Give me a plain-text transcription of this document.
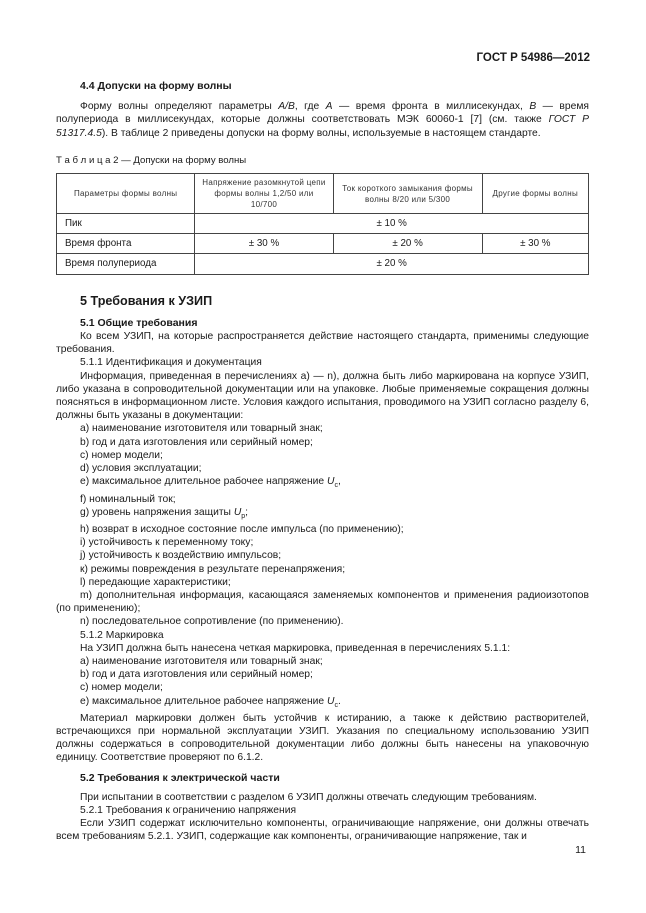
ГОСТ Р 54986—2012
4.4 Допуски на форму волны

Форму волны определяют параметры A/B, где A — время фронта в миллисекундах, B — время полупериода в миллисекундах, которые должны соответствовать МЭК 60060-1 [7] (см. также ГОСТ Р 51317.4.5). В таблице 2 приведены допуски на форму волны, используемые в настоящем стандарте.

Т а б л и ц а 2 — Допуски на форму волны
Параметры формы волны	Напряжение разомкнутой цепи формы волны 1,2/50 или 10/700	Ток короткого замыкания формы волны 8/20 или 5/300	Другие формы волны
Пик	± 10 %		
Время фронта	± 30 %	± 20 %	± 30 %
Время полупериода	± 20 %		
5 Требования к УЗИП
5.1 Общие требования

Ко всем УЗИП, на которые распространяется действие настоящего стандарта, применимы следующие требования.

5.1.1 Идентификация и документация

Информация, приведенная в перечислениях а) — n), должна быть либо маркирована на корпусе УЗИП, либо указана в сопроводительной документации или на упаковке. Любые применяемые сокращения должны поясняться в информационном листе. Условия каждого испытания, проводимого на УЗИП согласно разделу 6, должны быть указаны в документации:

а) наименование изготовителя или товарный знак;

b) год и дата изготовления или серийный номер;

с) номер модели;

d) условия эксплуатации;

е) максимальное длительное рабочее напряжение $U_c$,

f) номинальный ток;

g) уровень напряжения защиты $U_p$;

h) возврат в исходное состояние после импульса (по применению);

i) устойчивость к переменному току;

j) устойчивость к воздействию импульсов;

к) режимы повреждения в результате перенапряжения;

l) передающие характеристики;

m) дополнительная информация, касающаяся заменяемых компонентов и применения радиоизотопов (по применению);

n) последовательное сопротивление (по применению).

5.1.2 Маркировка

На УЗИП должна быть нанесена четкая маркировка, приведенная в перечислениях 5.1.1:

а) наименование изготовителя или товарный знак;

b) год и дата изготовления или серийный номер;

с) номер модели;

е) максимальное длительное рабочее напряжение $U_c$.

Материал маркировки должен быть устойчив к истиранию, а также к действию растворителей, встречающихся при нормальной эксплуатации УЗИП. Указания по специальному использованию УЗИП должны содержаться в сопроводительной документации либо должны быть нанесены на упаковочную единицу. Соответствие проверяют по 6.1.2.

5.2 Требования к электрической части

При испытании в соответствии с разделом 6 УЗИП должны отвечать следующим требованиям.

5.2.1 Требования к ограничению напряжения

Если УЗИП содержат исключительно компоненты, ограничивающие напряжение, они должны отвечать всем требованиям 5.2.1. УЗИП, содержащие как компоненты, ограничивающие напряжение, так и

11
